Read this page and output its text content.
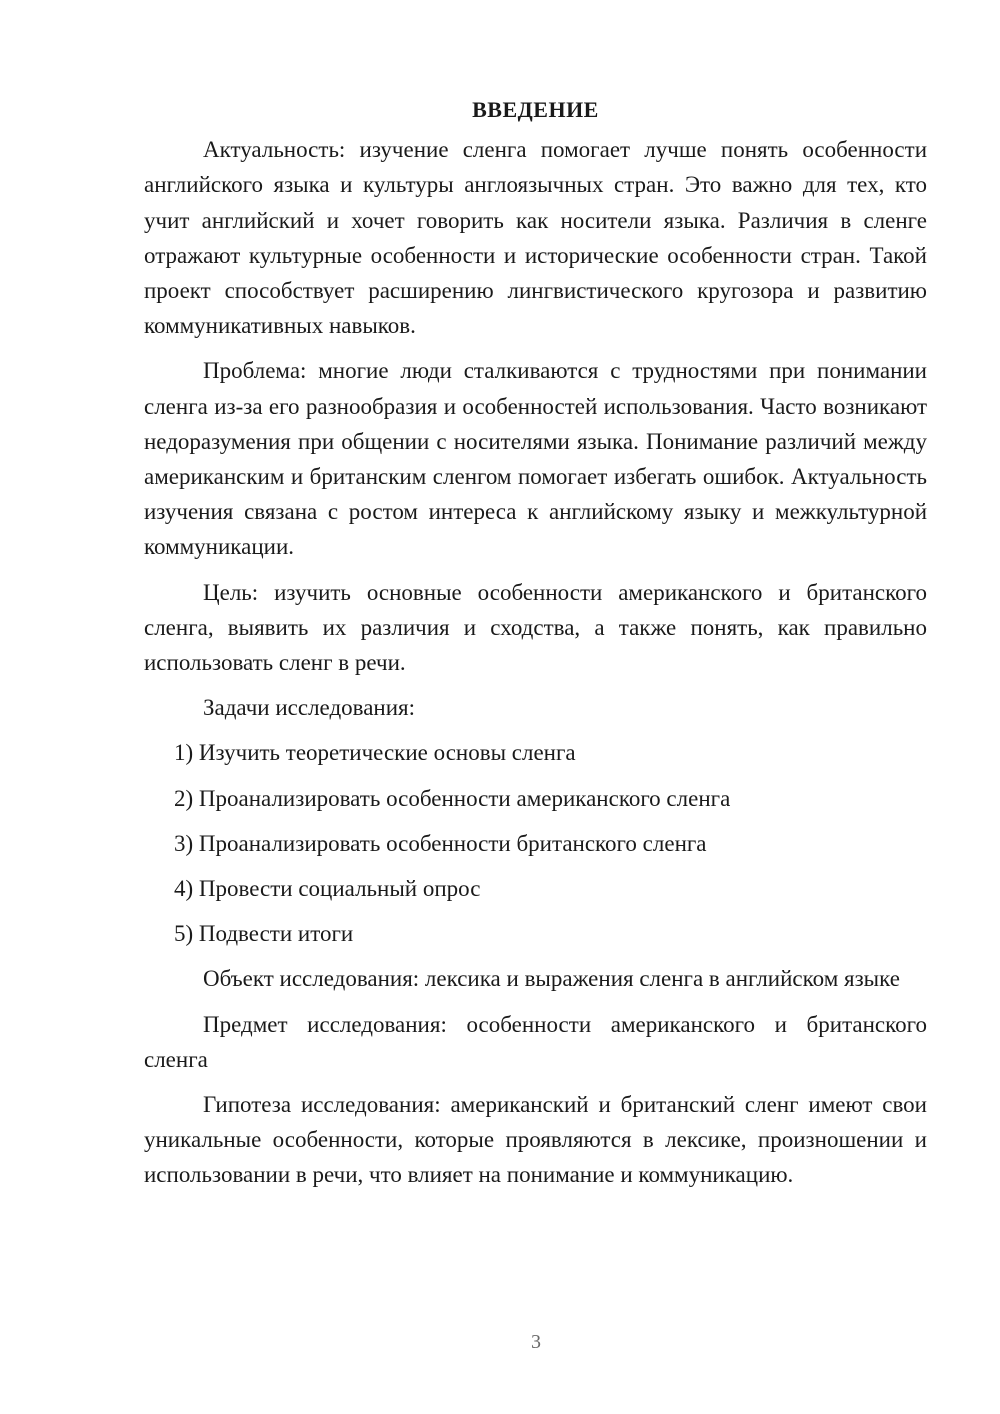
ВВЕДЕНИЕ

Актуальность: изучение сленга помогает лучше понять особенности английского языка и культуры англоязычных стран. Это важно для тех, кто учит английский и хочет говорить как носители языка. Различия в сленге отражают культурные особенности и исторические особенности стран. Такой проект способствует расширению лингвистического кругозора и развитию коммуникативных навыков.

Проблема: многие люди сталкиваются с трудностями при понимании сленга из-за его разнообразия и особенностей использования. Часто возникают недоразумения при общении с носителями языка. Понимание различий между американским и британским сленгом помогает избегать ошибок. Актуальность изучения связана с ростом интереса к английскому языку и межкультурной коммуникации.

Цель: изучить основные особенности американского и британского сленга, выявить их различия и сходства, а также понять, как правильно использовать сленг в речи.

Задачи исследования:

1) Изучить теоретические основы сленга
2) Проанализировать особенности американского сленга
3) Проанализировать особенности британского сленга
4) Провести социальный опрос
5) Подвести итоги

Объект исследования: лексика и выражения сленга в английском языке

Предмет исследования: особенности американского и британского сленга

Гипотеза исследования: американский и британский сленг имеют свои уникальные особенности, которые проявляются в лексике, произношении и использовании в речи, что влияет на понимание и коммуникацию.

3
